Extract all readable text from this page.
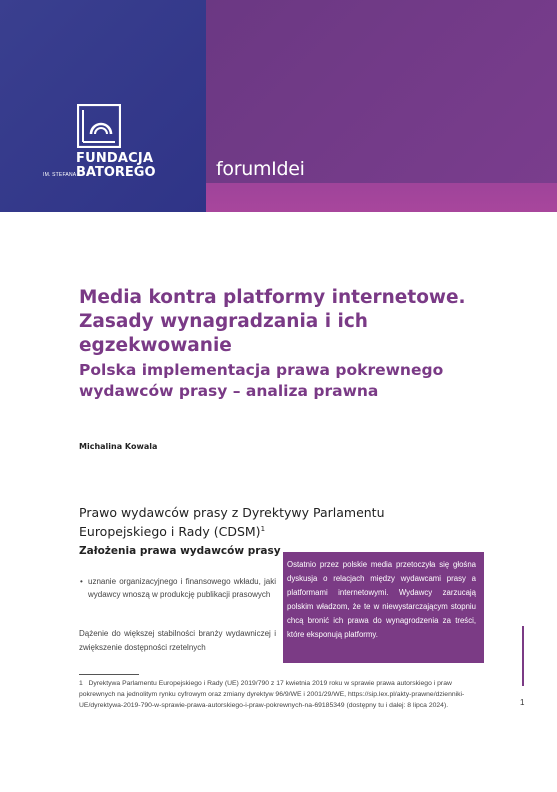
IM. STEFANA
FUNDACJA
BATOREGO	forumIdei
Media kontra platformy internetowe. Zasady wynagradzania i ich egzekwowanie
Polska implementacja prawa pokrewnego wydawców prasy – analiza prawna
Michalina Kowala
Prawo wydawców prasy z Dyrektywy Parlamentu Europejskiego i Rady (CDSM)$^1$
Założenia prawa wydawców prasy
• uznanie organizacyjnego i finansowego wkładu, jaki wydawcy wnoszą w produkcję publikacji prasowych
Dążenie do większej stabilności branży wydawniczej i zwiększenie dostępności rzetelnych
Ostatnio przez polskie media przetoczyła się głośna dyskusja o relacjach między wydawcami prasy a platformami internetowymi. Wydawcy zarzucają polskim władzom, że te w niewystarczającym stopniu chcą bronić ich prawa do wynagrodzenia za treści, które eksponują platformy.
1 Dyrektywa Parlamentu Europejskiego i Rady (UE) 2019/790 z 17 kwietnia 2019 roku w sprawie prawa autorskiego i praw pokrewnych na jednolitym rynku cyfrowym oraz zmiany dyrektyw 96/9/WE i 2001/29/WE, https://sip.lex.pl/akty-prawne/dzienniki-UE/dyrektywa-2019-790-w-sprawie-prawa-autorskiego-i-praw-pokrewnych-na-69185349 (dostępny tu i dalej: 8 lipca 2024).	1
